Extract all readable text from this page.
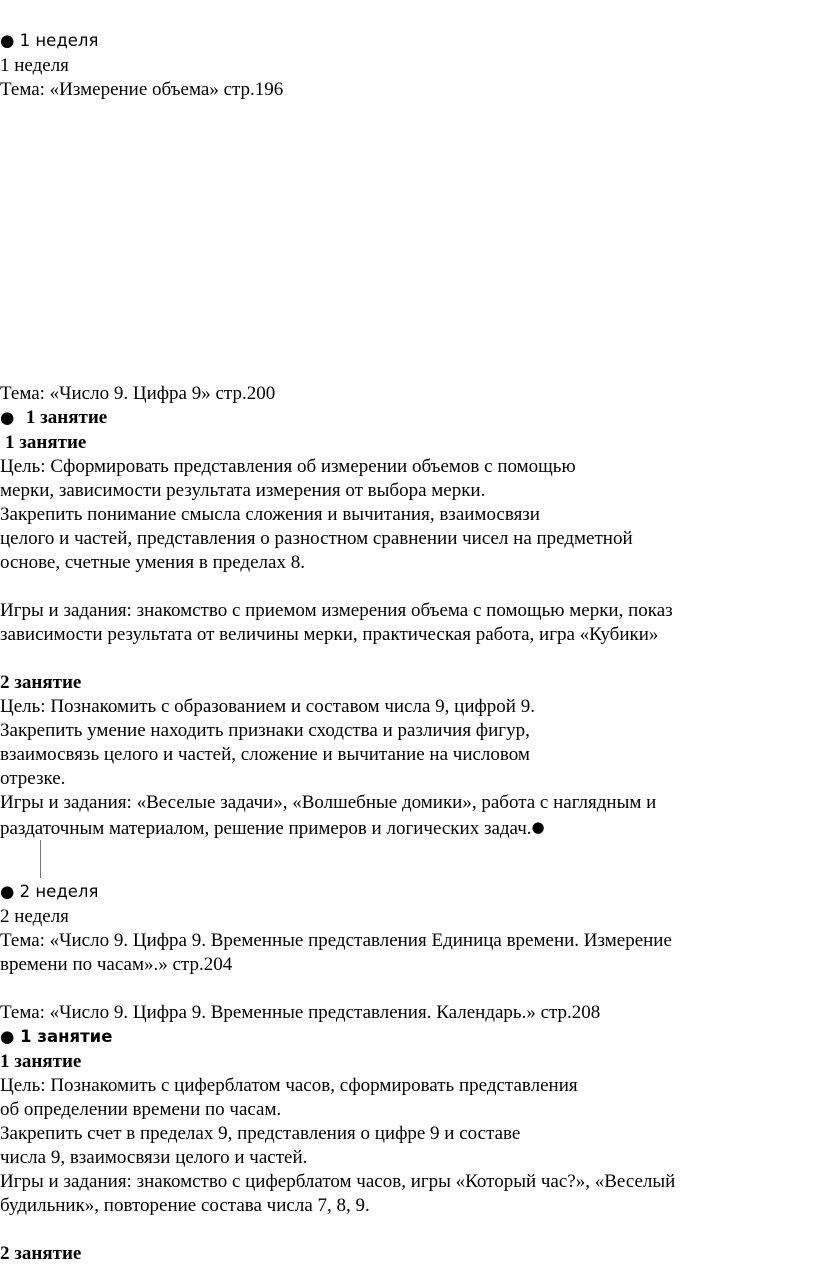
● 1 неделя
1 неделя
Тема: «Измерение объема» стр.196
Тема: «Число 9. Цифра 9» стр.200
● 1 занятие
1 занятие
Цель: Сформировать представления об измерении объемов с помощью
мерки, зависимости результата измерения от выбора мерки.
Закрепить понимание смысла сложения и вычитания, взаимосвязи
целого и частей, представления о разностном сравнении чисел на предметной
основе, счетные умения в пределах 8.
Игры и задания: знакомство с приемом измерения объема с помощью мерки, показ
зависимости результата от величины мерки, практическая работа, игра «Кубики»
2 занятие
Цель: Познакомить с образованием и составом числа 9, цифрой 9.
Закрепить умение находить признаки сходства и различия фигур,
взаимосвязь целого и частей, сложение и вычитание на числовом
отрезке.
Игры и задания: «Веселые задачи», «Волшебные домики», работа с наглядным и
раздаточным материалом, решение примеров и логических задач.●
● 2 неделя
2 неделя
Тема: «Число 9. Цифра 9. Временные представления Единица времени. Измерение
времени по часам».» стр.204
Тема: «Число 9. Цифра 9. Временные представления. Календарь.» стр.208
● 1 занятие
1 занятие
Цель: Познакомить с циферблатом часов, сформировать представления
об определении времени по часам.
Закрепить счет в пределах 9, представления о цифре 9 и составе
числа 9, взаимосвязи целого и частей.
Игры и задания: знакомство с циферблатом часов, игры «Который час?», «Веселый
будильник», повторение состава числа 7, 8, 9.
2 занятие
